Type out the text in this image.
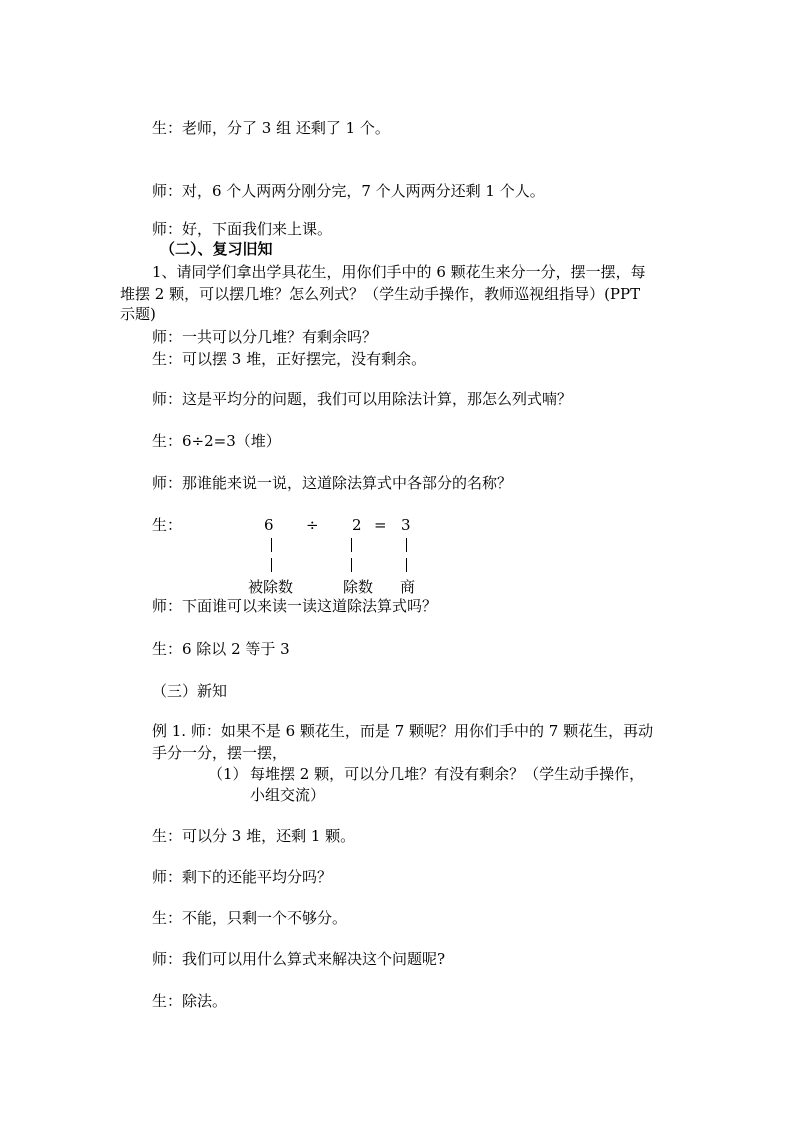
生：老师，分了 3 组 还剩了 1 个。
师：对，6 个人两两分刚分完，7 个人两两分还剩 1 个人。
师：好，下面我们来上课。
（二）、复习旧知
1、请同学们拿出学具花生，用你们手中的 6 颗花生来分一分，摆一摆，每
堆摆 2 颗，可以摆几堆？怎么列式？（学生动手操作，教师巡视组指导）(PPT
示题)
师：一共可以分几堆？有剩余吗？
生：可以摆 3 堆，正好摆完，没有剩余。
师：这是平均分的问题，我们可以用除法计算，那怎么列式喃？
生：6÷2=3（堆）
师：那谁能来说一说，这道除法算式中各部分的名称？
生：	6 ÷ 2 = 3
被除数	除数 商
师：下面谁可以来读一读这道除法算式吗？
生：6 除以 2 等于 3
（三）新知
例 1. 师：如果不是 6 颗花生，而是 7 颗呢？用你们手中的 7 颗花生，再动
手分一分，摆一摆，
（1） 每堆摆 2 颗，可以分几堆？有没有剩余？（学生动手操作，
小组交流）
生：可以分 3 堆，还剩 1 颗。
师：剩下的还能平均分吗？
生：不能，只剩一个不够分。
师：我们可以用什么算式来解决这个问题呢?
生：除法。
